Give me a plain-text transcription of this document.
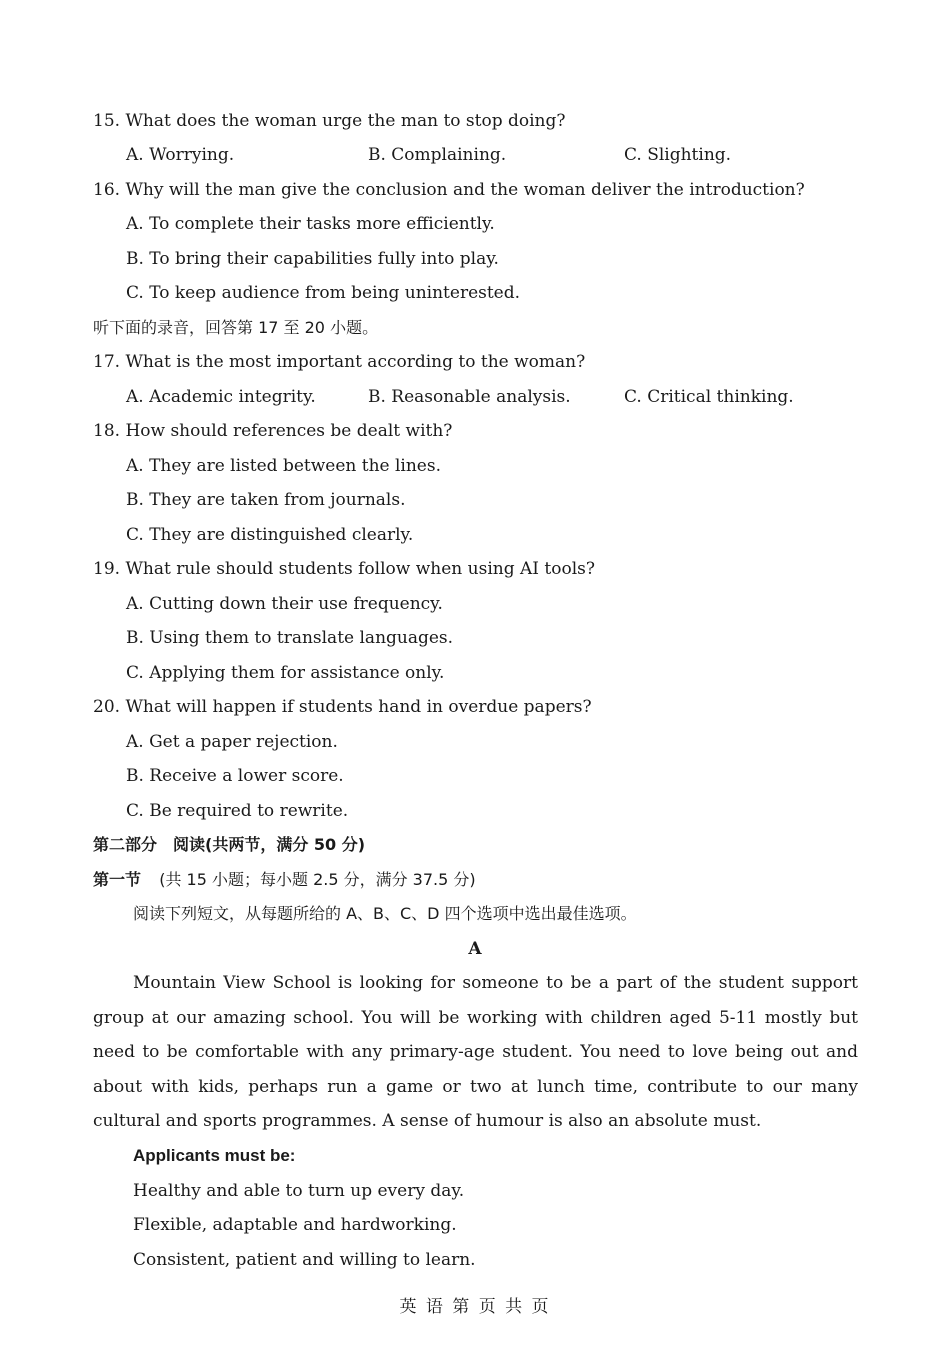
15. What does the woman urge the man to stop doing?
A. Worrying.	B. Complaining.	C. Slighting.
16. Why will the man give the conclusion and the woman deliver the introduction?
A. To complete their tasks more efficiently.
B. To bring their capabilities fully into play.
C. To keep audience from being uninterested.
听下面的录音，回答第 17 至 20 小题。
17. What is the most important according to the woman?
A. Academic integrity.	B. Reasonable analysis.	C. Critical thinking.
18. How should references be dealt with?
A. They are listed between the lines.
B. They are taken from journals.
C. They are distinguished clearly.
19. What rule should students follow when using AI tools?
A. Cutting down their use frequency.
B. Using them to translate languages.
C. Applying them for assistance only.
20. What will happen if students hand in overdue papers?
A. Get a paper rejection.
B. Receive a lower score.
C. Be required to rewrite.
第二部分　阅读(共两节，满分 50 分)
第一节 (共 15 小题；每小题 2.5 分，满分 37.5 分)
阅读下列短文，从每题所给的 A、B、C、D 四个选项中选出最佳选项。
A
Mountain View School is looking for someone to be a part of the student support group at our amazing school. You will be working with children aged 5-11 mostly but need to be comfortable with any primary-age student. You need to love being out and about with kids, perhaps run a game or two at lunch time, contribute to our many cultural and sports programmes. A sense of humour is also an absolute must.
Applicants must be:
Healthy and able to turn up every day.
Flexible, adaptable and hardworking.
Consistent, patient and willing to learn.
英 语 第 页 共 页
